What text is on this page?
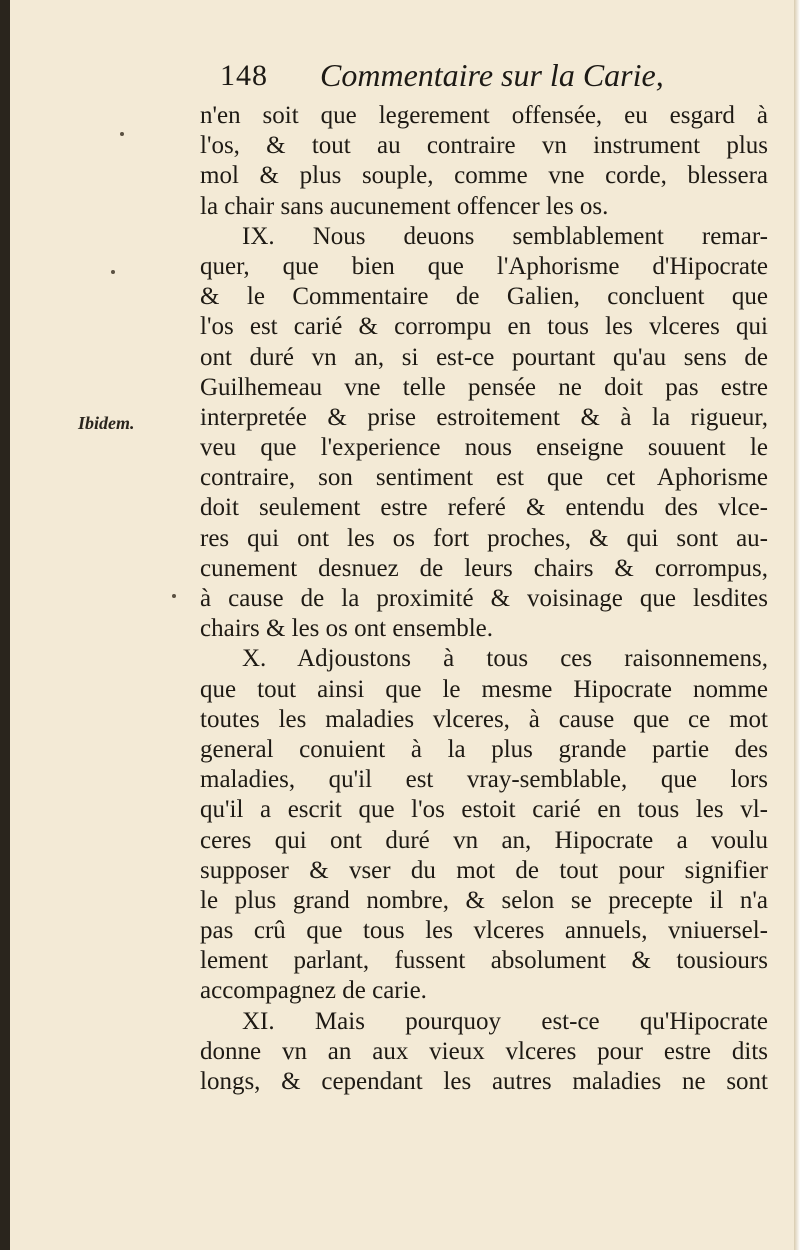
148 Commentaire sur la Carie,
Ibidem.
n'en soit que legerement offensée, eu esgard à
l'os, & tout au contraire vn instrument plus
mol & plus souple, comme vne corde, blessera
la chair sans aucunement offencer les os.
IX. Nous deuons semblablement remar-
quer, que bien que l'Aphorisme d'Hipocrate
& le Commentaire de Galien, concluent que
l'os est carié & corrompu en tous les vlceres qui
ont duré vn an, si est-ce pourtant qu'au sens de
Guilhemeau vne telle pensée ne doit pas estre
interpretée & prise estroitement & à la rigueur,
veu que l'experience nous enseigne souuent le
contraire, son sentiment est que cet Aphorisme
doit seulement estre referé & entendu des vlce-
res qui ont les os fort proches, & qui sont au-
cunement desnuez de leurs chairs & corrompus,
à cause de la proximité & voisinage que lesdites
chairs & les os ont ensemble.
X. Adjoustons à tous ces raisonnemens,
que tout ainsi que le mesme Hipocrate nomme
toutes les maladies vlceres, à cause que ce mot
general conuient à la plus grande partie des
maladies, qu'il est vray-semblable, que lors
qu'il a escrit que l'os estoit carié en tous les vl-
ceres qui ont duré vn an, Hipocrate a voulu
supposer & vser du mot de tout pour signifier
le plus grand nombre, & selon se precepte il n'a
pas crû que tous les vlceres annuels, vniuersel-
lement parlant, fussent absolument & tousiours
accompagnez de carie.
XI. Mais pourquoy est-ce qu'Hipocrate
donne vn an aux vieux vlceres pour estre dits
longs, & cependant les autres maladies ne sont
